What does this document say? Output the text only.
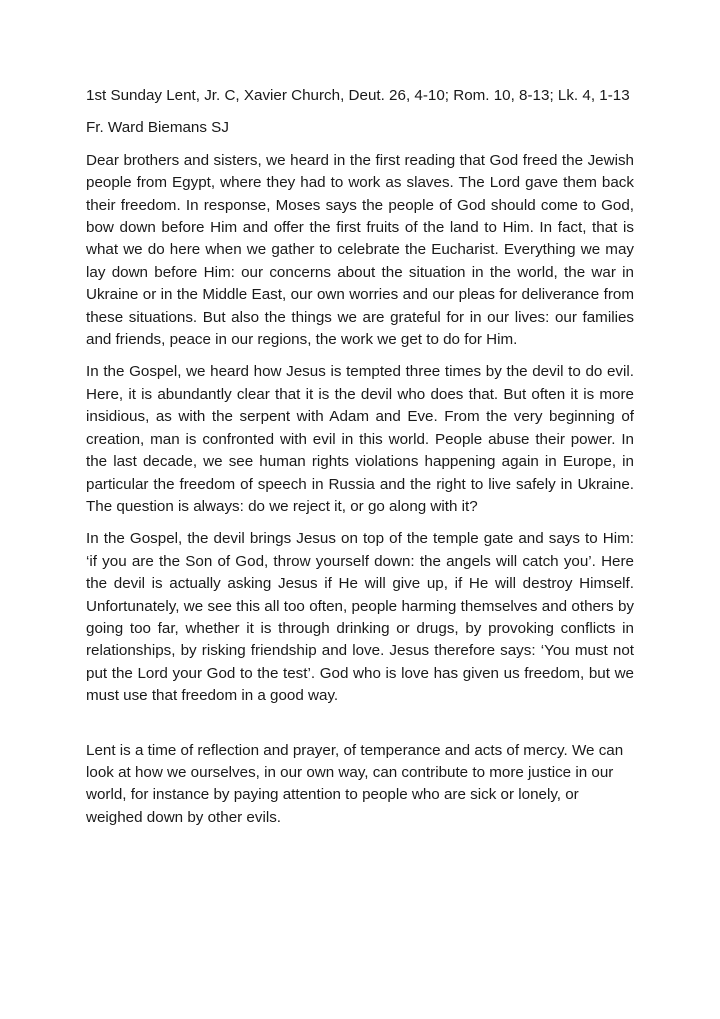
1st Sunday Lent, Jr. C, Xavier Church, Deut. 26, 4-10; Rom. 10, 8-13; Lk. 4, 1-13

Fr. Ward Biemans SJ

Dear brothers and sisters, we heard in the first reading that God freed the Jewish people from Egypt, where they had to work as slaves. The Lord gave them back their freedom. In response, Moses says the people of God should come to God, bow down before Him and offer the first fruits of the land to Him. In fact, that is what we do here when we gather to celebrate the Eucharist. Everything we may lay down before Him: our concerns about the situation in the world, the war in Ukraine or in the Middle East, our own worries and our pleas for deliverance from these situations. But also the things we are grateful for in our lives: our families and friends, peace in our regions, the work we get to do for Him.

In the Gospel, we heard how Jesus is tempted three times by the devil to do evil. Here, it is abundantly clear that it is the devil who does that. But often it is more insidious, as with the serpent with Adam and Eve. From the very beginning of creation, man is confronted with evil in this world. People abuse their power. In the last decade, we see human rights violations happening again in Europe, in particular the freedom of speech in Russia and the right to live safely in Ukraine. The question is always: do we reject it, or go along with it?

In the Gospel, the devil brings Jesus on top of the temple gate and says to Him: ‘if you are the Son of God, throw yourself down: the angels will catch you’. Here the devil is actually asking Jesus if He will give up, if He will destroy Himself. Unfortunately, we see this all too often, people harming themselves and others by going too far, whether it is through drinking or drugs, by provoking conflicts in relationships, by risking friendship and love. Jesus therefore says: ‘You must not put the Lord your God to the test’. God who is love has given us freedom, but we must use that freedom in a good way.

Lent is a time of reflection and prayer, of temperance and acts of mercy. We can look at how we ourselves, in our own way, can contribute to more justice in our world, for instance by paying attention to people who are sick or lonely, or weighed down by other evils.
